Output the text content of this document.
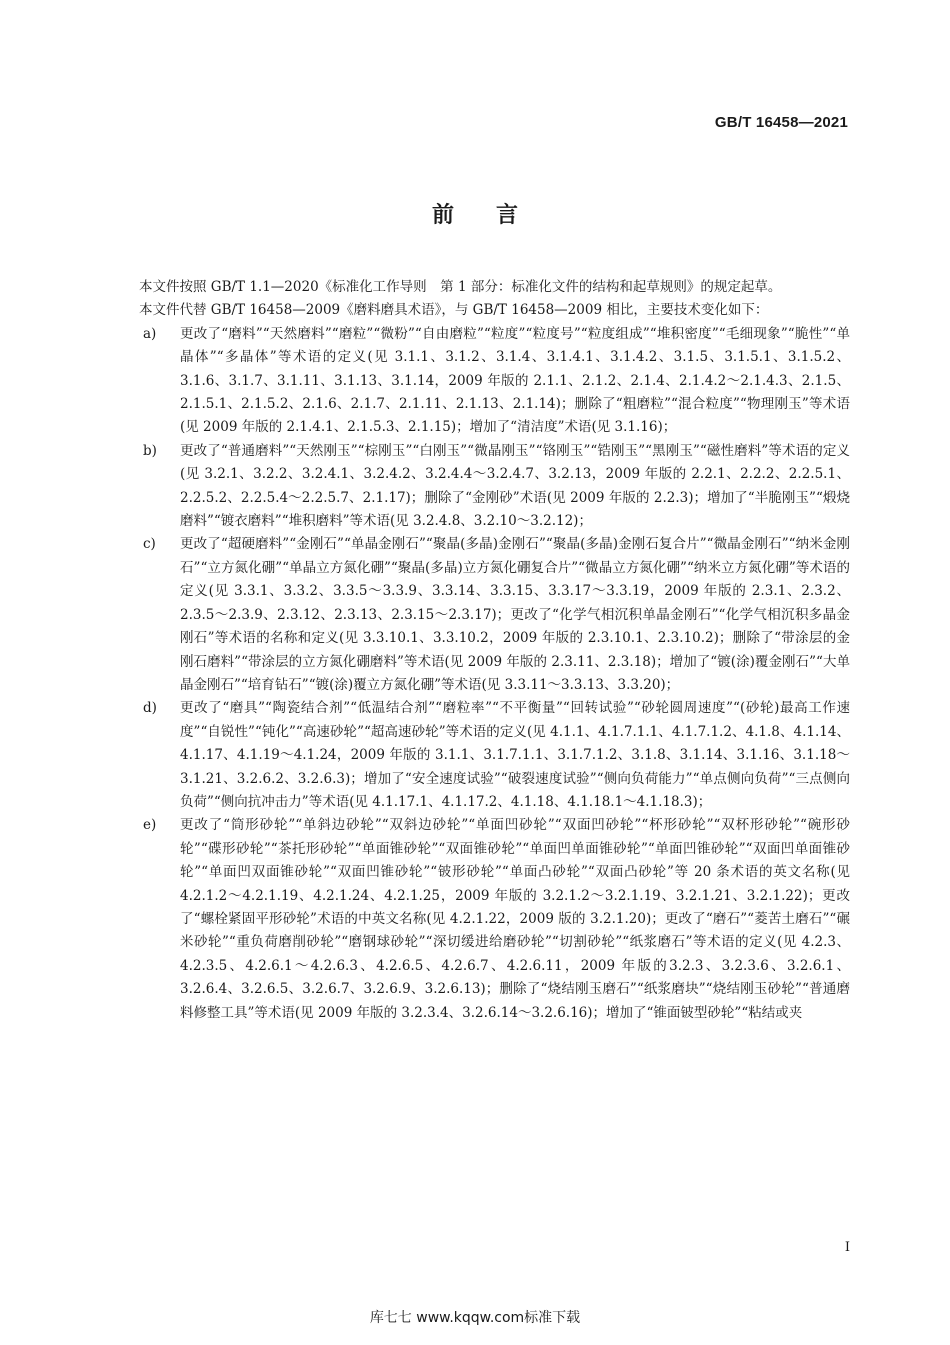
GB/T 16458—2021
前言

本文件按照 GB/T 1.1—2020《标准化工作导则　第 1 部分：标准化文件的结构和起草规则》的规定起草。

本文件代替 GB/T 16458—2009《磨料磨具术语》，与 GB/T 16458—2009 相比，主要技术变化如下：

a) 更改了“磨料”“天然磨料”“磨粒”“微粉”“自由磨粒”“粒度”“粒度号”“粒度组成”“堆积密度”“毛细现象”“脆性”“单晶体”“多晶体”等术语的定义(见 3.1.1、3.1.2、3.1.4、3.1.4.1、3.1.4.2、3.1.5、3.1.5.1、3.1.5.2、3.1.6、3.1.7、3.1.11、3.1.13、3.1.14，2009 年版的 2.1.1、2.1.2、2.1.4、2.1.4.2～2.1.4.3、2.1.5、2.1.5.1、2.1.5.2、2.1.6、2.1.7、2.1.11、2.1.13、2.1.14)；删除了“粗磨粒”“混合粒度”“物理刚玉”等术语(见 2009 年版的 2.1.4.1、2.1.5.3、2.1.15)；增加了“清洁度”术语(见 3.1.16)；
b) 更改了“普通磨料”“天然刚玉”“棕刚玉”“白刚玉”“微晶刚玉”“铬刚玉”“锆刚玉”“黑刚玉”“磁性磨料”等术语的定义(见 3.2.1、3.2.2、3.2.4.1、3.2.4.2、3.2.4.4～3.2.4.7、3.2.13，2009 年版的 2.2.1、2.2.2、2.2.5.1、2.2.5.2、2.2.5.4～2.2.5.7、2.1.17)；删除了“金刚砂”术语(见 2009 年版的 2.2.3)；增加了“半脆刚玉”“煅烧磨料”“镀衣磨料”“堆积磨料”等术语(见 3.2.4.8、3.2.10～3.2.12)；
c) 更改了“超硬磨料”“金刚石”“单晶金刚石”“聚晶(多晶)金刚石”“聚晶(多晶)金刚石复合片”“微晶金刚石”“纳米金刚石”“立方氮化硼”“单晶立方氮化硼”“聚晶(多晶)立方氮化硼复合片”“微晶立方氮化硼”“纳米立方氮化硼”等术语的定义(见 3.3.1、3.3.2、3.3.5～3.3.9、3.3.14、3.3.15、3.3.17～3.3.19，2009 年版的 2.3.1、2.3.2、2.3.5～2.3.9、2.3.12、2.3.13、2.3.15～2.3.17)；更改了“化学气相沉积单晶金刚石”“化学气相沉积多晶金刚石”等术语的名称和定义(见 3.3.10.1、3.3.10.2，2009 年版的 2.3.10.1、2.3.10.2)；删除了“带涂层的金刚石磨料”“带涂层的立方氮化硼磨料”等术语(见 2009 年版的 2.3.11、2.3.18)；增加了“镀(涂)覆金刚石”“大单晶金刚石”“培育钻石”“镀(涂)覆立方氮化硼”等术语(见 3.3.11～3.3.13、3.3.20)；
d) 更改了“磨具”“陶瓷结合剂”“低温结合剂”“磨粒率”“不平衡量”“回转试验”“砂轮圆周速度”“(砂轮)最高工作速度”“自锐性”“钝化”“高速砂轮”“超高速砂轮”等术语的定义(见 4.1.1、4.1.7.1.1、4.1.7.1.2、4.1.8、4.1.14、4.1.17、4.1.19～4.1.24，2009 年版的 3.1.1、3.1.7.1.1、3.1.7.1.2、3.1.8、3.1.14、3.1.16、3.1.18～3.1.21、3.2.6.2、3.2.6.3)；增加了“安全速度试验”“破裂速度试验”“侧向负荷能力”“单点侧向负荷”“三点侧向负荷”“侧向抗冲击力”等术语(见 4.1.17.1、4.1.17.2、4.1.18、4.1.18.1～4.1.18.3)；
e) 更改了“筒形砂轮”“单斜边砂轮”“双斜边砂轮”“单面凹砂轮”“双面凹砂轮”“杯形砂轮”“双杯形砂轮”“碗形砂轮”“碟形砂轮”“茶托形砂轮”“单面锥砂轮”“双面锥砂轮”“单面凹单面锥砂轮”“单面凹锥砂轮”“双面凹单面锥砂轮”“单面凹双面锥砂轮”“双面凹锥砂轮”“铍形砂轮”“单面凸砂轮”“双面凸砂轮”等 20 条术语的英文名称(见 4.2.1.2～4.2.1.19、4.2.1.24、4.2.1.25，2009 年版的 3.2.1.2～3.2.1.19、3.2.1.21、3.2.1.22)；更改了“螺栓紧固平形砂轮”术语的中英文名称(见 4.2.1.22，2009 版的 3.2.1.20)；更改了“磨石”“菱苦土磨石”“碾米砂轮”“重负荷磨削砂轮”“磨钢球砂轮”“深切缓进给磨砂轮”“切割砂轮”“纸浆磨石”等术语的定义(见 4.2.3、4.2.3.5、4.2.6.1～4.2.6.3、4.2.6.5、4.2.6.7、4.2.6.11，2009 年版的3.2.3、3.2.3.6、3.2.6.1、3.2.6.4、3.2.6.5、3.2.6.7、3.2.6.9、3.2.6.13)；删除了“烧结刚玉磨石”“纸浆磨块”“烧结刚玉砂轮”“普通磨料修整工具”等术语(见 2009 年版的 3.2.3.4、3.2.6.14～3.2.6.16)；增加了“锥面铍型砂轮”“粘结或夹
I
库七七 www.kqqw.com标准下载
